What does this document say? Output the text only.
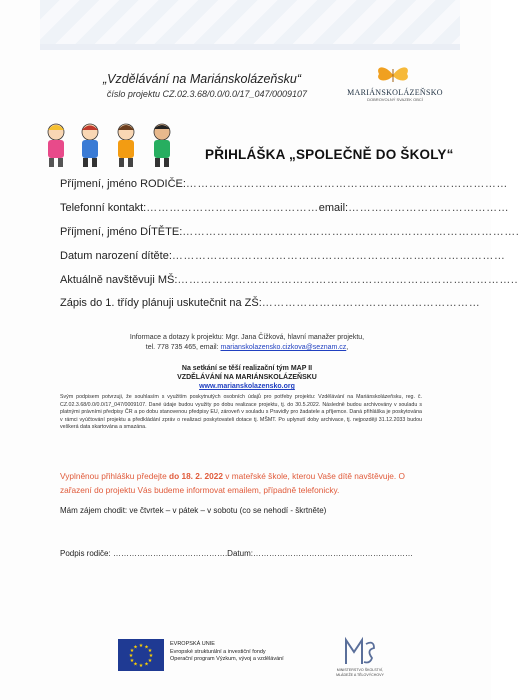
„Vzdělávání na Mariánskolázeňsku“
číslo projektu CZ.02.3.68/0.0/0.0/17_047/0009107	MARIÁNSKOLÁZEŇSKO
DOBROVOLNÝ SVAZEK OBCÍ
PŘIHLÁŠKA „SPOLEČNĚ DO ŠKOLY“
Příjmení, jméno RODIČE:…………………………………………………………………………
Telefonní kontakt:………………………………………email:……………………………………
Příjmení, jméno DÍTĚTE:…………………………………………………………………………….
Datum narození dítěte:……………………………………………………………………………
Aktuálně navštěvuji MŠ:……………………………………………………………………………..
Zápis do 1. třídy plánuji uskutečnit na ZŠ:…………………………………………………
Informace a dotazy k projektu: Mgr. Jana Čížková, hlavní manažer projektu,
tel. 778 735 465, email: marianskolazensko.cizkova@seznam.cz,
Na setkání se těší realizační tým MAP II
VZDĚLÁVÁNÍ NA MARIÁNSKOLÁZEŇSKU
www.marianskolazensko.org
Svým podpisem potvrzuji, že souhlasím s využitím poskytnutých osobních údajů pro potřeby projektu: Vzdělávání na Mariánskolázeňsku, reg. č. CZ.02.3.68/0.0/0.0/17_047/0009107. Dané údaje budou využity po dobu realizace projektu, tj. do 30.5.2022. Následně budou archivovány v souladu s platnými právními předpisy ČR a po dobu stanovenou předpisy EU, zároveň v souladu s Pravidly pro žadatele a příjemce. Daná přihláška je poskytována v rámci vyúčtování projektu a předkládání zpráv o realizaci poskytovateli dotace tj. MŠMT. Po uplynutí doby archivace, tj. nejpozději 31.12.2033 budou veškerá data skartována a smazána.
Vyplněnou přihlášku předejte do 18. 2. 2022 v mateřské škole, kterou Vaše dítě navštěvuje. O zařazení do projektu Vás budeme informovat emailem, případně telefonicky.
Mám zájem chodit: ve čtvrtek – v pátek – v sobotu (co se nehodí - škrtněte)
Podpis rodiče: …………………………………….Datum:……………………………………………………
★ ★
★
★
★
★
★
★
★
★
★
★
EVROPSKÁ UNIE
Evropské strukturální a investiční fondy
Operační program Výzkum, vývoj a vzdělávání
MINISTERSTVO ŠKOLSTVÍ,
MLÁDEŽE A TĚLOVÝCHOVY
